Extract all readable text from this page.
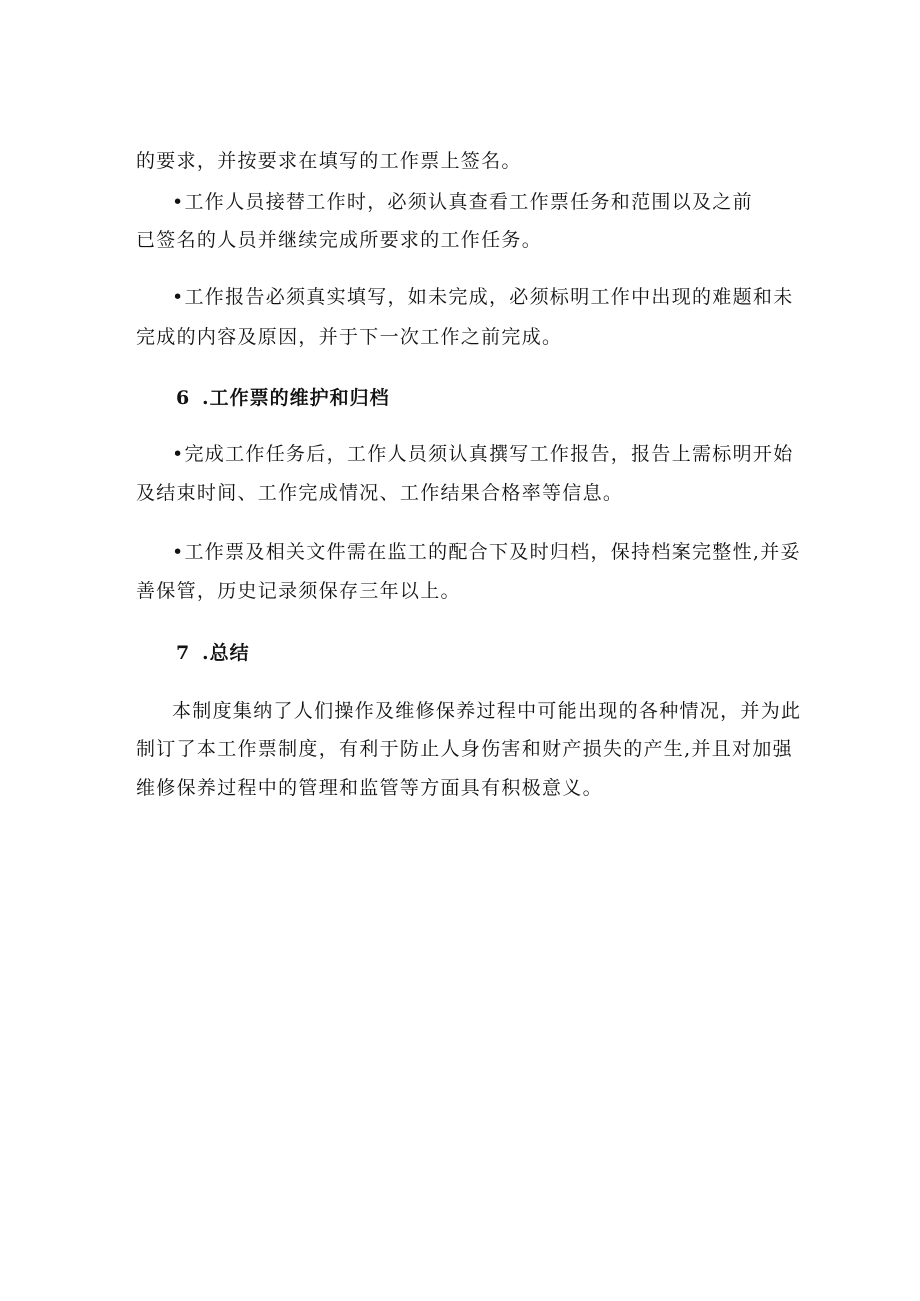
的要求，并按要求在填写的工作票上签名。
•工作人员接替工作时，必须认真查看工作票任务和范围以及之前
已签名的人员并继续完成所要求的工作任务。
•工作报告必须真实填写，如未完成，必须标明工作中出现的难题和未
完成的内容及原因，并于下一次工作之前完成。
6 .工作票的维护和归档
•完成工作任务后，工作人员须认真撰写工作报告，报告上需标明开始
及结束时间、工作完成情况、工作结果合格率等信息。
•工作票及相关文件需在监工的配合下及时归档，保持档案完整性,并妥
善保管，历史记录须保存三年以上。
7 .总结
本制度集纳了人们操作及维修保养过程中可能出现的各种情况，并为此
制订了本工作票制度，有利于防止人身伤害和财产损失的产生,并且对加强
维修保养过程中的管理和监管等方面具有积极意义。
